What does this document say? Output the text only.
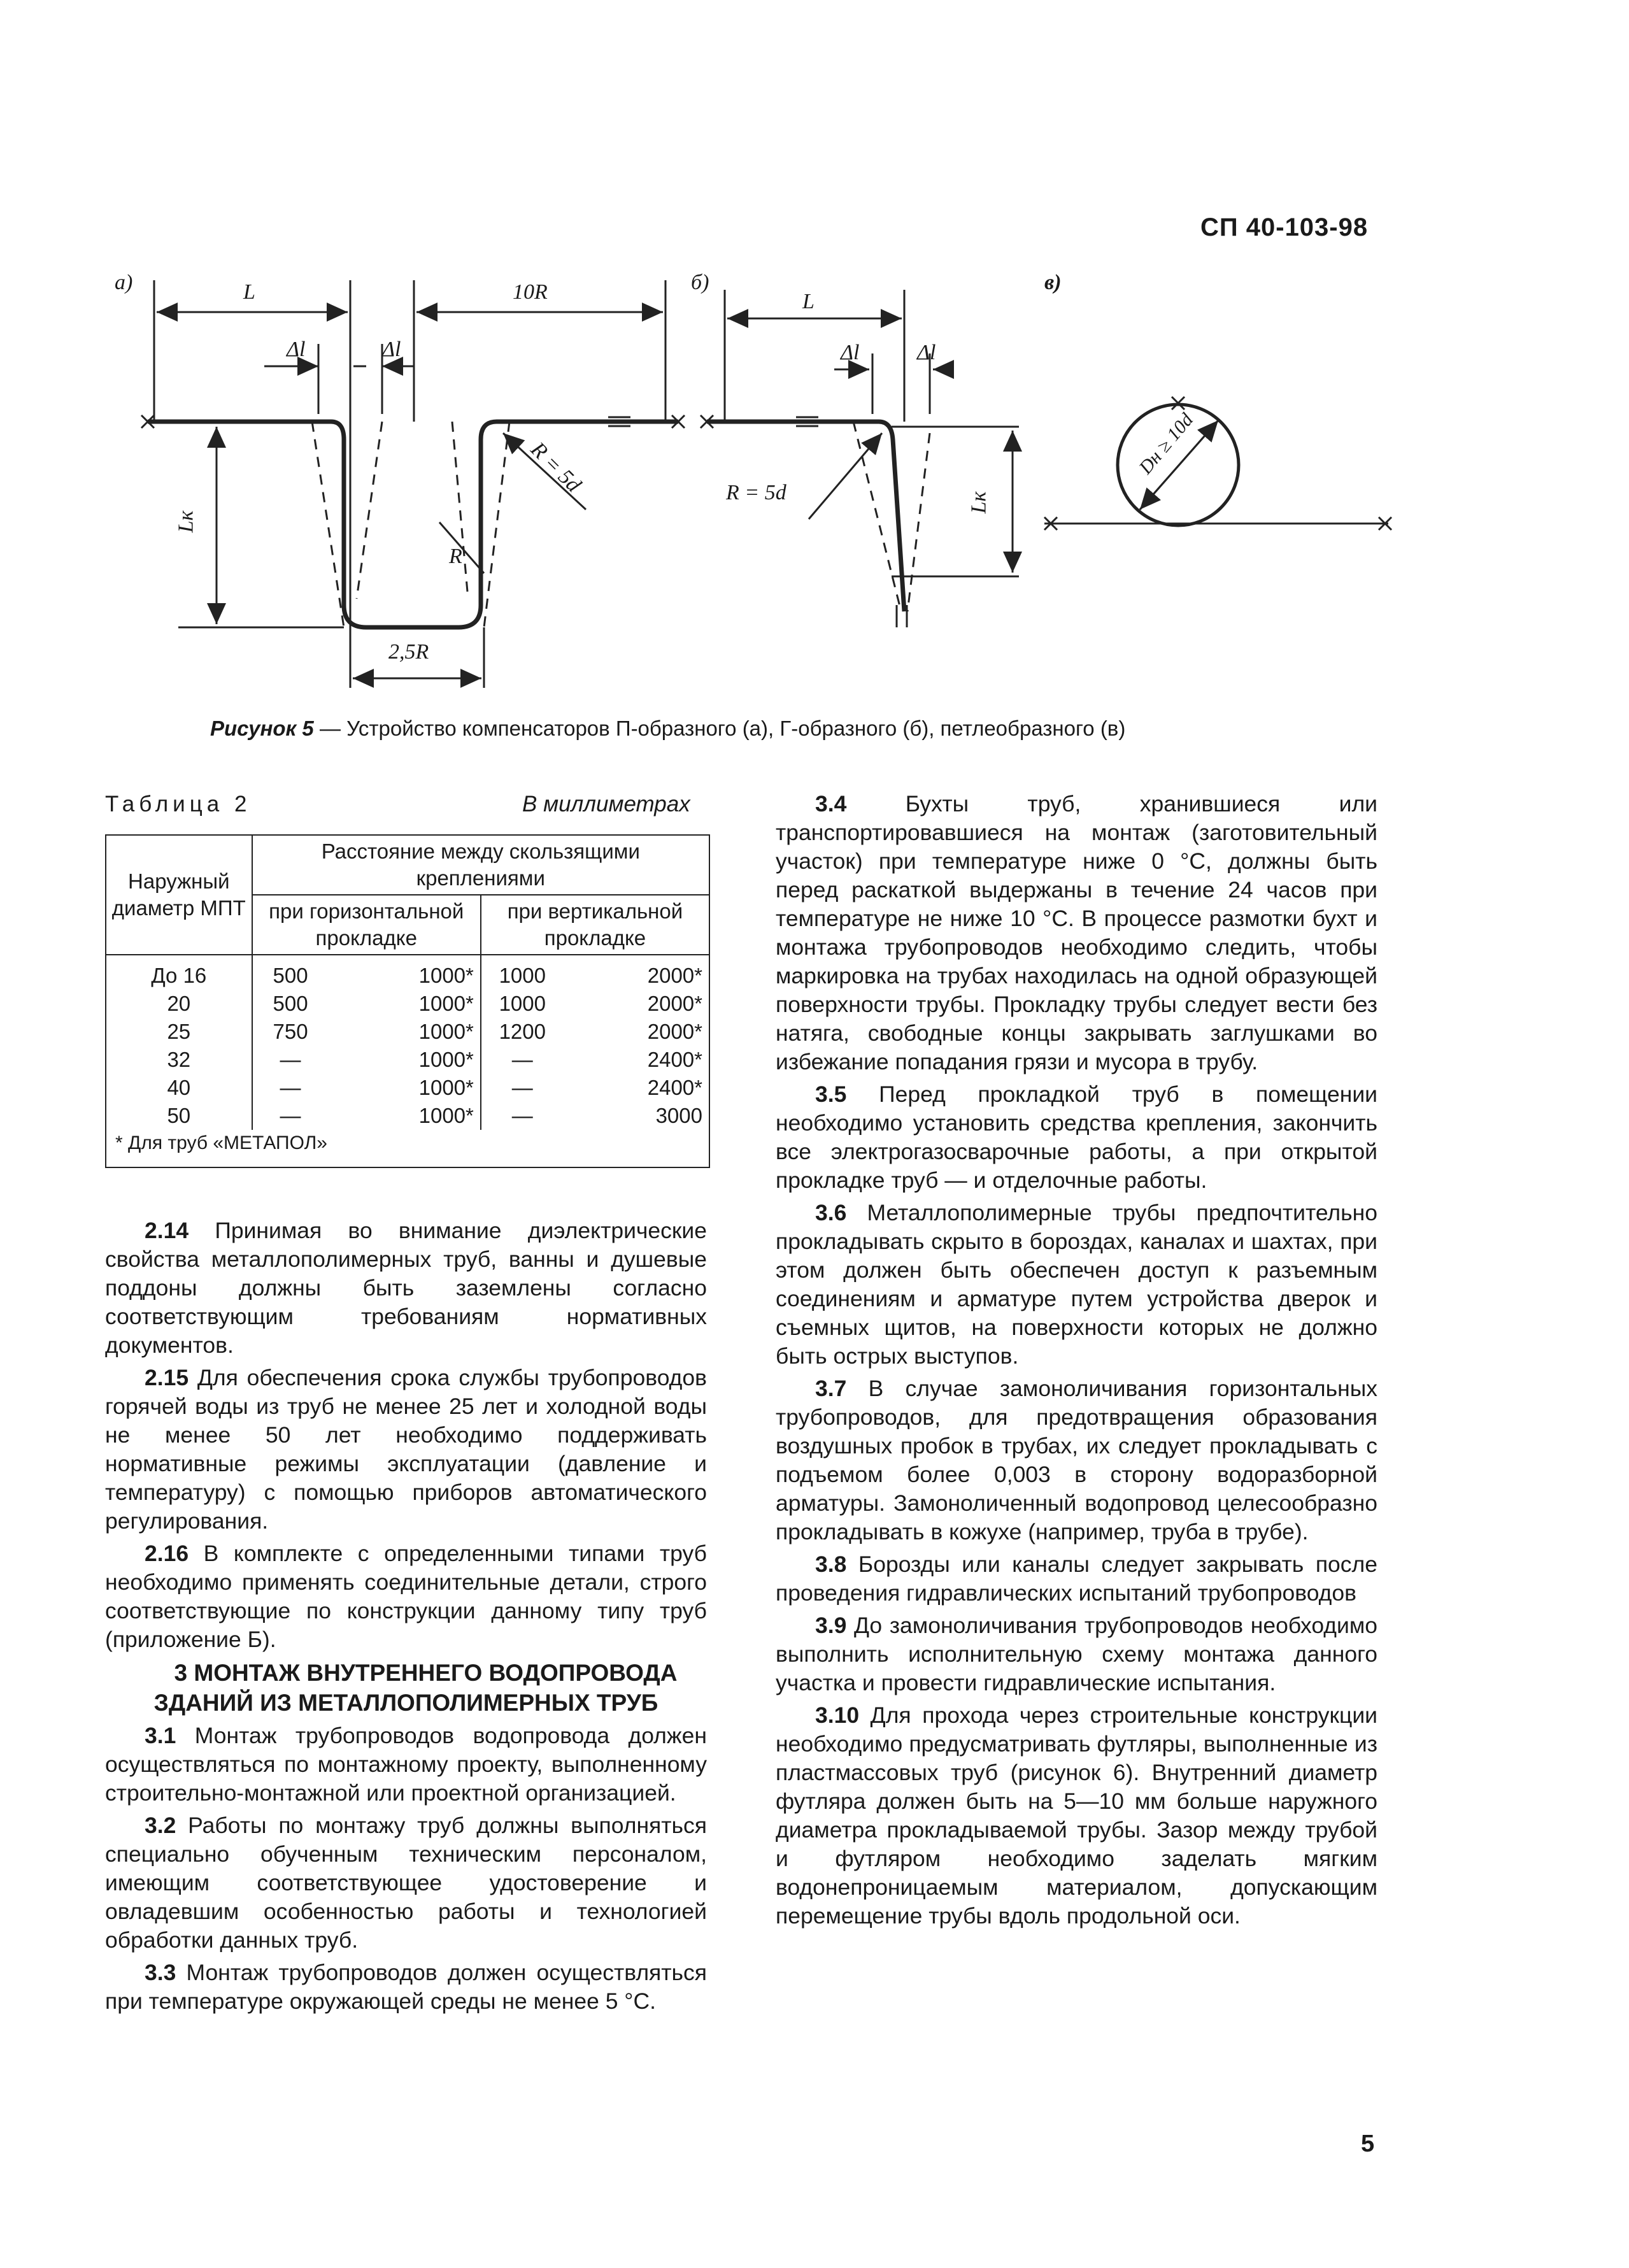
СП 40-103-98
а)	б)	в)
L	10R
Δl	Δl
Lк
2,5R
R
R = 5d
L
Δl	Δl
R = 5d	Lк
Dн ≥ 10d
Рисунок 5 — Устройство компенсаторов П-образного (а), Г-образного (б), петлеобразного (в)
Таблица 2	В миллиметрах
Наружный диаметр МПТ	Расстояние между скользящими креплениями			
	при горизонтальной прокладке		при вертикальной прокладке	
До 16	500	1000*	1000	2000*
20	500	1000*	1000	2000*
25	750	1000*	1200	2000*
32	—	1000*	—	2400*
40	—	1000*	—	2400*
50	—	1000*	—	3000
* Для труб «МЕТАПОЛ»				

2.14 Принимая во внимание диэлектрические свойства металлополимерных труб, ванны и душевые поддоны должны быть заземлены согласно соответствующим требованиям нормативных документов.

2.15 Для обеспечения срока службы трубопроводов горячей воды из труб не менее 25 лет и холодной воды не менее 50 лет необходимо поддерживать нормативные режимы эксплуатации (давление и температуру) с помощью приборов автоматического регулирования.

2.16 В комплекте с определенными типами труб необходимо применять соединительные детали, строго соответствующие по конструкции данному типу труб (приложение Б).

3 МОНТАЖ ВНУТРЕННЕГО ВОДОПРОВОДА ЗДАНИЙ ИЗ МЕТАЛЛОПОЛИМЕРНЫХ ТРУБ

3.1 Монтаж трубопроводов водопровода должен осуществляться по монтажному проекту, выполненному строительно-монтажной или проектной организацией.

3.2 Работы по монтажу труб должны выполняться специально обученным техническим персоналом, имеющим соответствующее удостоверение и овладевшим особенностью работы и технологией обработки данных труб.

3.3 Монтаж трубопроводов должен осуществляться при температуре окружающей среды не менее 5 °С.

3.4 Бухты труб, хранившиеся или транспортировавшиеся на монтаж (заготовительный участок) при температуре ниже 0 °С, должны быть перед раскаткой выдержаны в течение 24 часов при температуре не ниже 10 °С. В процессе размотки бухт и монтажа трубопроводов необходимо следить, чтобы маркировка на трубах находилась на одной образующей поверхности трубы. Прокладку трубы следует вести без натяга, свободные концы закрывать заглушками во избежание попадания грязи и мусора в трубу.

3.5 Перед прокладкой труб в помещении необходимо установить средства крепления, закончить все электрогазосварочные работы, а при открытой прокладке труб — и отделочные работы.

3.6 Металлополимерные трубы предпочтительно прокладывать скрыто в бороздах, каналах и шахтах, при этом должен быть обеспечен доступ к разъемным соединениям и арматуре путем устройства дверок и съемных щитов, на поверхности которых не должно быть острых выступов.

3.7 В случае замоноличивания горизонтальных трубопроводов, для предотвращения образования воздушных пробок в трубах, их следует прокладывать с подъемом более 0,003 в сторону водоразборной арматуры. Замоноличенный водопровод целесообразно прокладывать в кожухе (например, труба в трубе).

3.8 Борозды или каналы следует закрывать после проведения гидравлических испытаний трубопроводов

3.9 До замоноличивания трубопроводов необходимо выполнить исполнительную схему монтажа данного участка и провести гидравлические испытания.

3.10 Для прохода через строительные конструкции необходимо предусматривать футляры, выполненные из пластмассовых труб (рисунок 6). Внутренний диаметр футляра должен быть на 5—10 мм больше наружного диаметра прокладываемой трубы. Зазор между трубой и футляром необходимо заделать мягким водонепроницаемым материалом, допускающим перемещение трубы вдоль продольной оси.

5
